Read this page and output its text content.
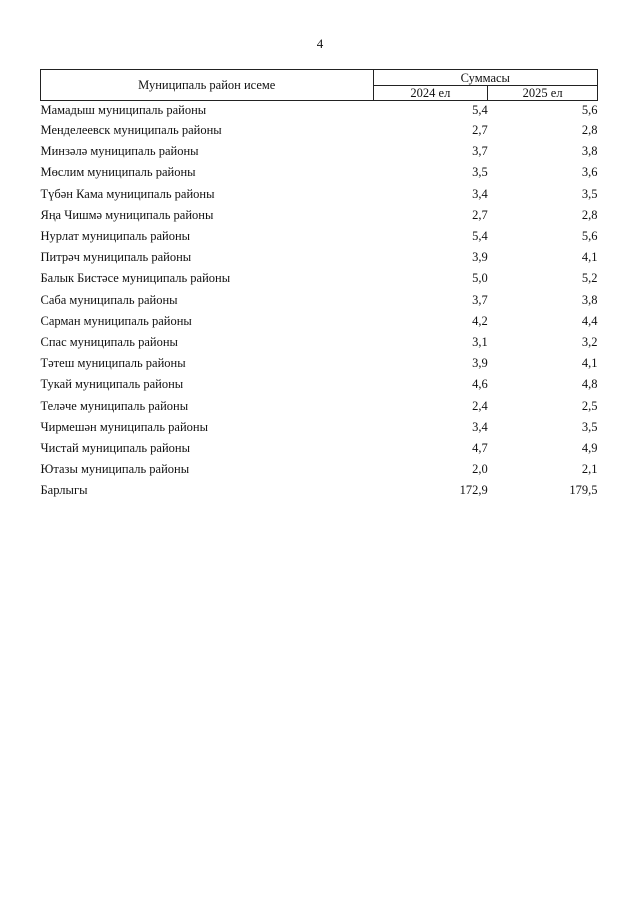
4
Муниципаль район исеме	Суммасы	
	2024 ел	2025 ел
Мамадыш муниципаль районы	5,4	5,6
Менделеевск муниципаль районы	2,7	2,8
Минзәлә муниципаль районы	3,7	3,8
Мөслим муниципаль районы	3,5	3,6
Түбән Кама муниципаль районы	3,4	3,5
Яңа Чишмә муниципаль районы	2,7	2,8
Нурлат муниципаль районы	5,4	5,6
Питрәч муниципаль районы	3,9	4,1
Балык Бистәсе муниципаль районы	5,0	5,2
Саба муниципаль районы	3,7	3,8
Сарман муниципаль районы	4,2	4,4
Спас муниципаль районы	3,1	3,2
Тәтеш муниципаль районы	3,9	4,1
Тукай муниципаль районы	4,6	4,8
Теләче муниципаль районы	2,4	2,5
Чирмешән муниципаль районы	3,4	3,5
Чистай муниципаль районы	4,7	4,9
Ютазы муниципаль районы	2,0	2,1
Барлыгы	172,9	179,5
